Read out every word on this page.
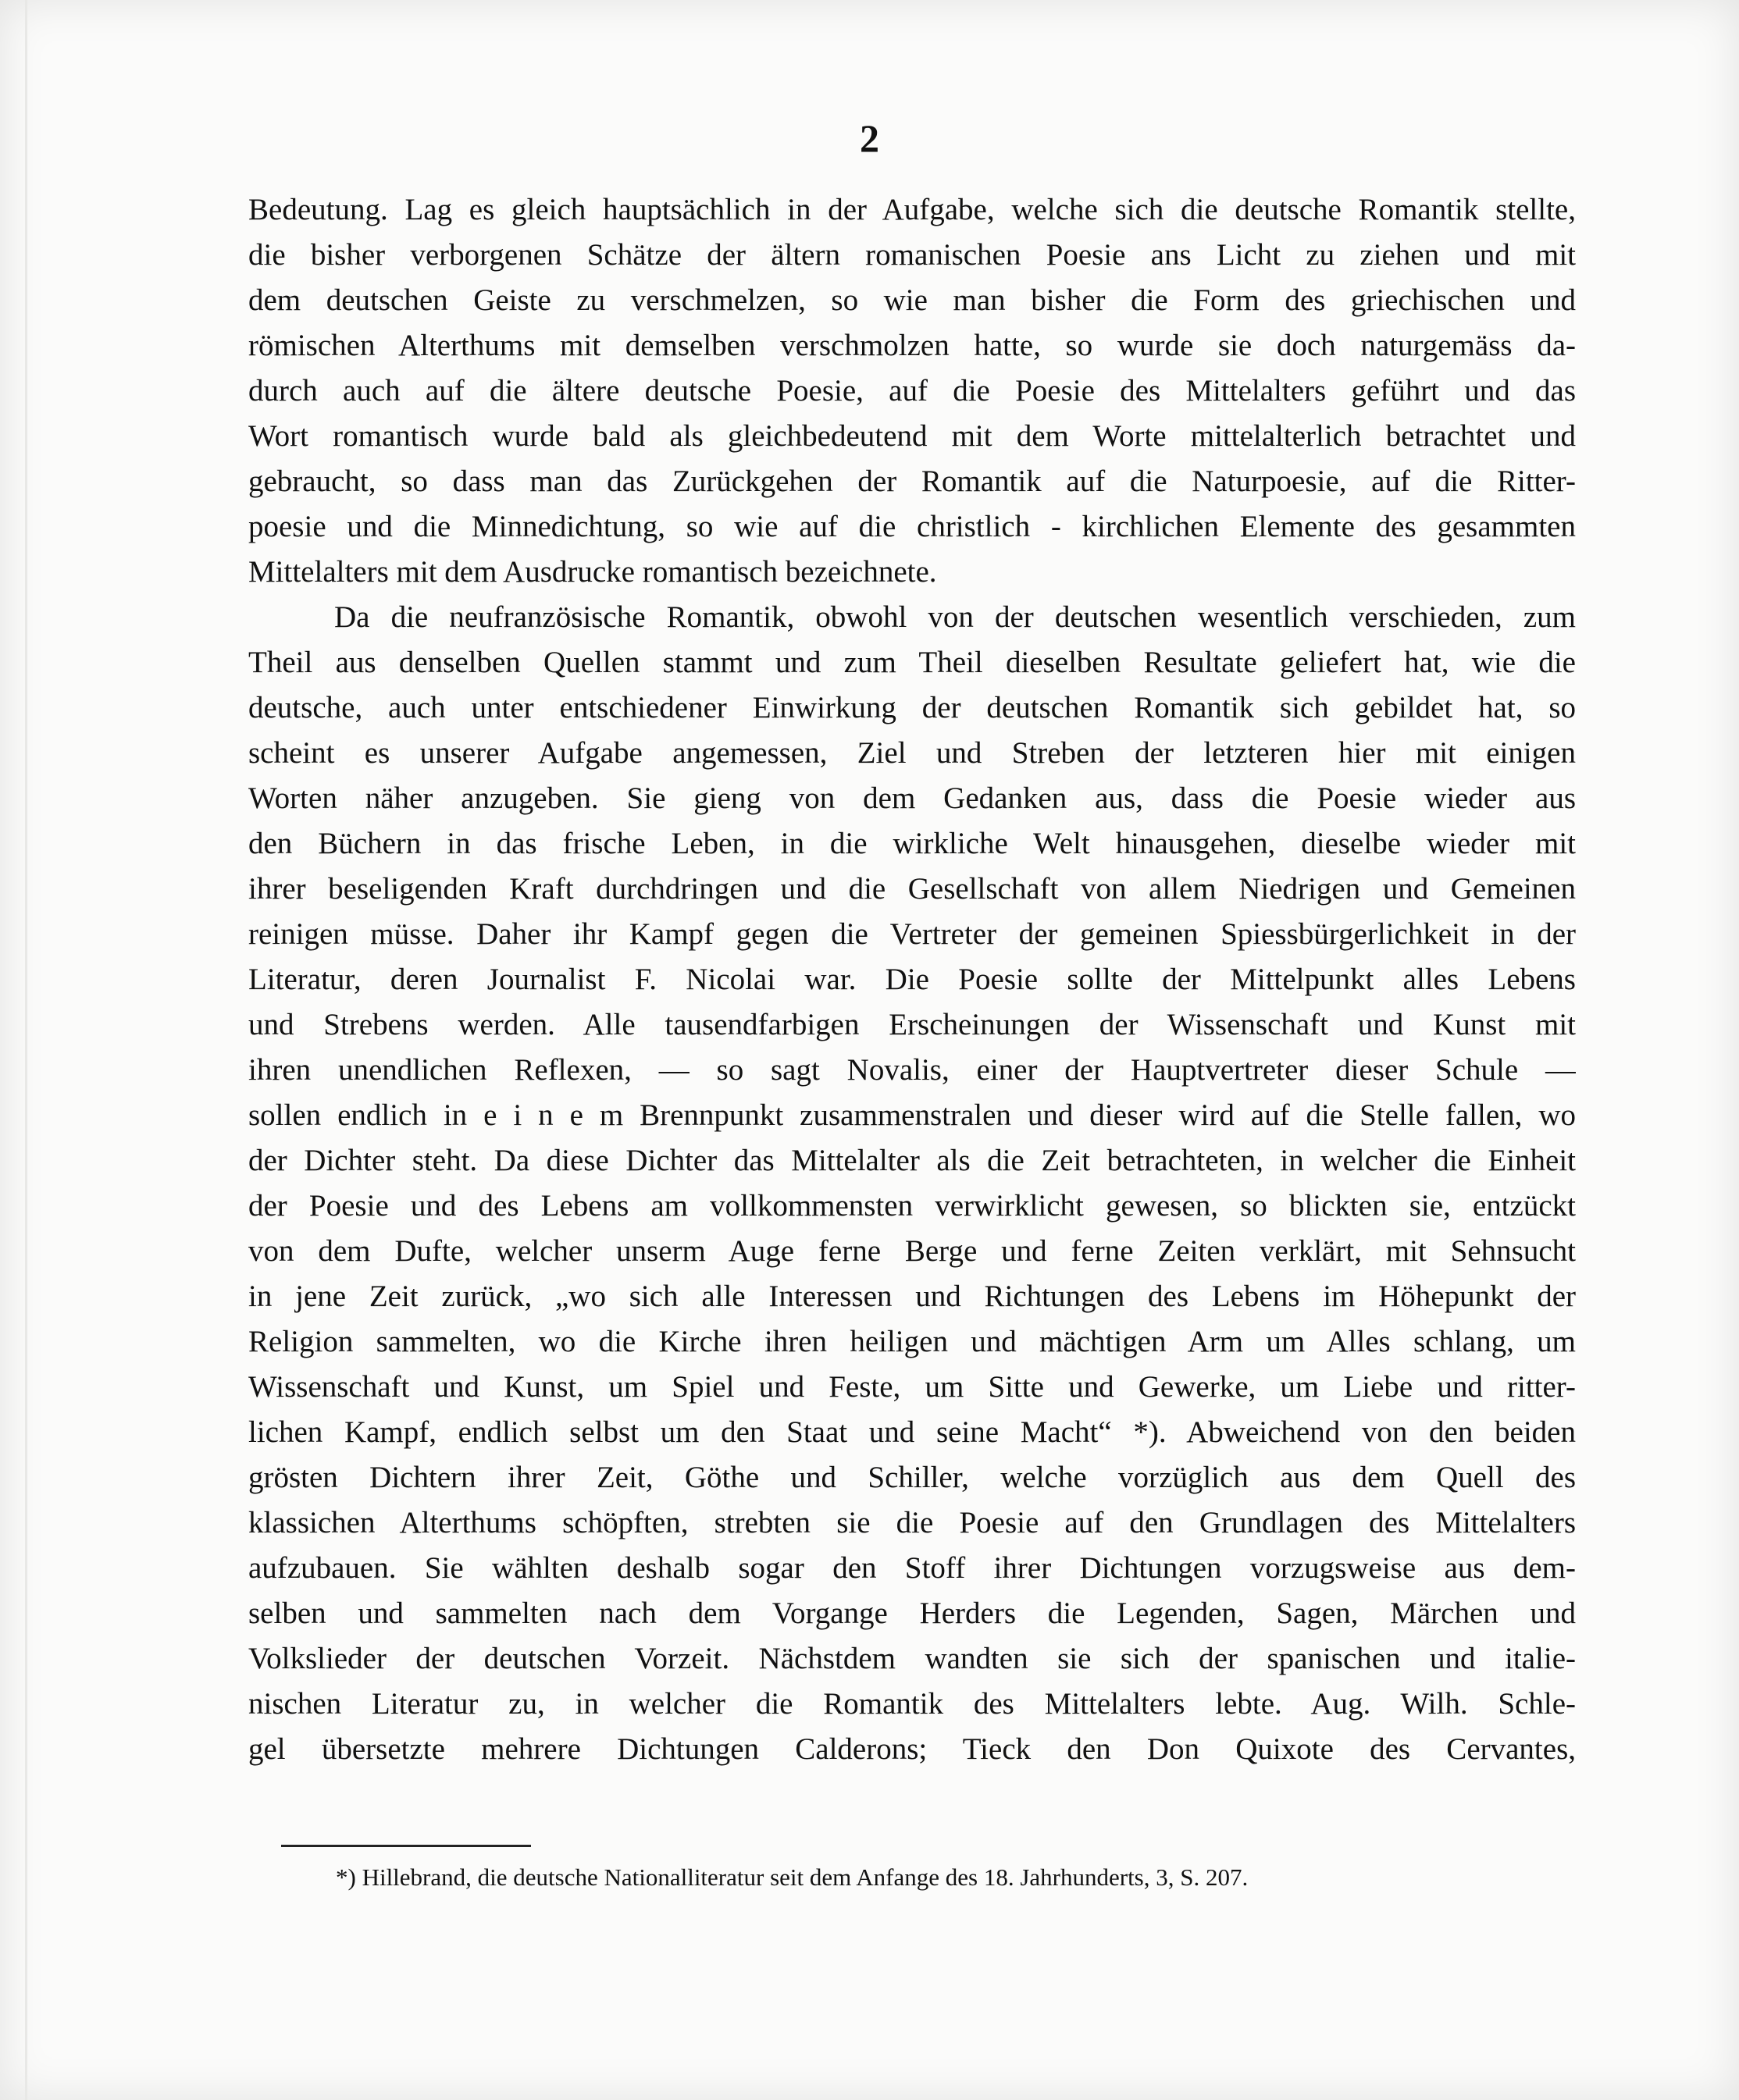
2
Bedeutung. Lag es gleich hauptsächlich in der Aufgabe, welche sich die deutsche Romantik stellte,
die bisher verborgenen Schätze der ältern romanischen Poesie ans Licht zu ziehen und mit
dem deutschen Geiste zu verschmelzen, so wie man bisher die Form des griechischen und
römischen Alterthums mit demselben verschmolzen hatte, so wurde sie doch naturgemäss da-
durch auch auf die ältere deutsche Poesie, auf die Poesie des Mittelalters geführt und das
Wort romantisch wurde bald als gleichbedeutend mit dem Worte mittelalterlich betrachtet und
gebraucht, so dass man das Zurückgehen der Romantik auf die Naturpoesie, auf die Ritter-
poesie und die Minnedichtung, so wie auf die christlich - kirchlichen Elemente des gesammten
Mittelalters mit dem Ausdrucke romantisch bezeichnete.
Da die neufranzösische Romantik, obwohl von der deutschen wesentlich verschieden, zum
Theil aus denselben Quellen stammt und zum Theil dieselben Resultate geliefert hat, wie die
deutsche, auch unter entschiedener Einwirkung der deutschen Romantik sich gebildet hat, so
scheint es unserer Aufgabe angemessen, Ziel und Streben der letzteren hier mit einigen
Worten näher anzugeben. Sie gieng von dem Gedanken aus, dass die Poesie wieder aus
den Büchern in das frische Leben, in die wirkliche Welt hinausgehen, dieselbe wieder mit
ihrer beseligenden Kraft durchdringen und die Gesellschaft von allem Niedrigen und Gemeinen
reinigen müsse. Daher ihr Kampf gegen die Vertreter der gemeinen Spiessbürgerlichkeit in der
Literatur, deren Journalist F. Nicolai war. Die Poesie sollte der Mittelpunkt alles Lebens
und Strebens werden. Alle tausendfarbigen Erscheinungen der Wissenschaft und Kunst mit
ihren unendlichen Reflexen, — so sagt Novalis, einer der Hauptvertreter dieser Schule —
sollen endlich in e i n e m Brennpunkt zusammenstralen und dieser wird auf die Stelle fallen, wo
der Dichter steht. Da diese Dichter das Mittelalter als die Zeit betrachteten, in welcher die Einheit
der Poesie und des Lebens am vollkommensten verwirklicht gewesen, so blickten sie, entzückt
von dem Dufte, welcher unserm Auge ferne Berge und ferne Zeiten verklärt, mit Sehnsucht
in jene Zeit zurück, „wo sich alle Interessen und Richtungen des Lebens im Höhepunkt der
Religion sammelten, wo die Kirche ihren heiligen und mächtigen Arm um Alles schlang, um
Wissenschaft und Kunst, um Spiel und Feste, um Sitte und Gewerke, um Liebe und ritter-
lichen Kampf, endlich selbst um den Staat und seine Macht“ *). Abweichend von den beiden
grösten Dichtern ihrer Zeit, Göthe und Schiller, welche vorzüglich aus dem Quell des
klassichen Alterthums schöpften, strebten sie die Poesie auf den Grundlagen des Mittelalters
aufzubauen. Sie wählten deshalb sogar den Stoff ihrer Dichtungen vorzugsweise aus dem-
selben und sammelten nach dem Vorgange Herders die Legenden, Sagen, Märchen und
Volkslieder der deutschen Vorzeit. Nächstdem wandten sie sich der spanischen und italie-
nischen Literatur zu, in welcher die Romantik des Mittelalters lebte. Aug. Wilh. Schle-
gel übersetzte mehrere Dichtungen Calderons; Tieck den Don Quixote des Cervantes,
*) Hillebrand, die deutsche Nationalliteratur seit dem Anfange des 18. Jahrhunderts, 3, S. 207.
